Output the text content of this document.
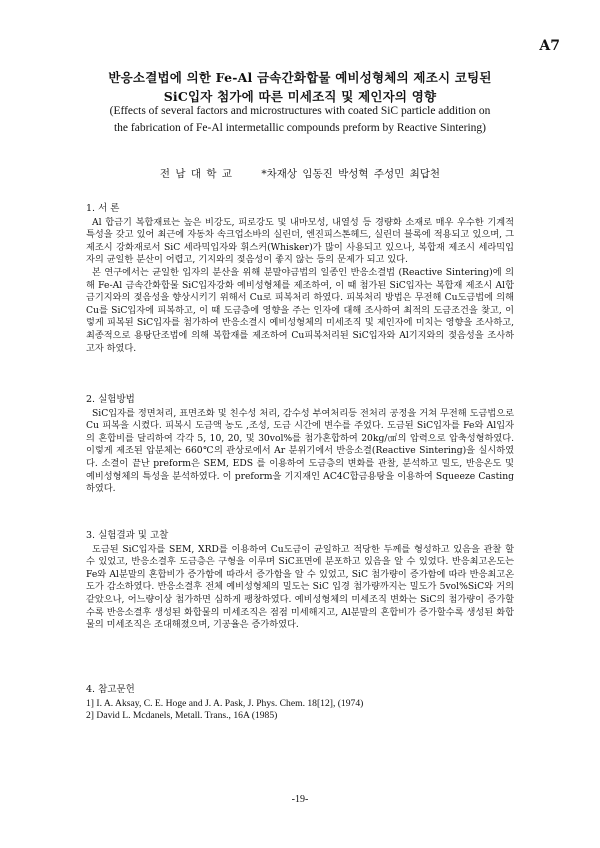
A7
반응소결법에 의한 Fe-Al 금속간화합물 예비성형체의 제조시 코팅된
SiC입자 첨가에 따른 미세조직 및 제인자의 영향
(Effects of several factors and microstructures with coated SiC particle addition on
the fabrication of Fe-Al intermetallic compounds preform by Reactive Sintering)
전 남 대 학 교	*차재상 임동진 박성혁 주성민 최답천

1. 서 론

Al 합금기 복합재료는 높은 비강도, 피로강도 및 내마모성, 내열성 등 경량화 소재로 매우 우수한 기계적 특성을 갖고 있어 최근에 자동차 속크업소바의 실린더, 엔진피스톤헤드, 실린더 블록에 적용되고 있으며, 그 제조시 강화재로서 SiC 세라믹입자와 휘스커(Whisker)가 많이 사용되고 있으나, 복합재 제조시 세라믹입자의 균일한 분산이 어렵고, 기지와의 젖음성이 좋지 않는 등의 문제가 되고 있다.

본 연구에서는 균일한 입자의 분산을 위해 분말야금법의 일종인 반응소결법 (Reactive Sintering)에 의해 Fe-Al 금속간화합물 SiC입자강화 예비성형체를 제조하여, 이 때 첨가된 SiC입자는 복합재 제조시 Al합금기지와의 젖음성을 향상시키기 위해서 Cu로 피복처리 하였다. 피복처리 방법은 무전해 Cu도금법에 의해 Cu를 SiC입자에 피복하고, 이 때 도금층에 영향을 주는 인자에 대해 조사하여 최적의 도금조건을 찾고, 이렇게 피복된 SiC입자를 첨가하여 반응소결시 예비성형체의 미세조직 및 제인자에 미치는 영향을 조사하고, 최종적으로 용탕단조법에 의해 복합재를 제조하여 Cu피복처리된 SiC입자와 Al기지와의 젖음성을 조사하고자 하였다.

2. 실험방법

SiC입자를 정면처리, 표면조화 및 친수성 처리, 감수성 부여처리등 전처리 공정을 거쳐 무전해 도금법으로 Cu 피복을 시켰다. 피복시 도금액 농도 ,조성, 도금 시간에 변수를 주었다. 도금된 SiC입자를 Fe와 Al입자의 혼합비를 달리하여 각각 5, 10, 20, 및 30vol%를 첨가혼합하여 20kg/㎠의 압력으로 압축성형하였다. 이렇게 제조된 압분체는 660℃의 관상로에서 Ar 분위기에서 반응소결(Reactive Sintering)을 실시하였다. 소결이 끝난 preform은 SEM, EDS 를 이용하여 도금층의 변화를 관찰, 분석하고 밀도, 반응온도 및 예비성형체의 특성을 분석하였다. 이 preform을 기지재인 AC4C합금용탕을 이용하여 Squeeze Casting하였다.

3. 실험결과 및 고찰

도금된 SiC입자를 SEM, XRD를 이용하여 Cu도금이 균일하고 적당한 두께를 형성하고 있음을 관찰 할 수 있었고, 반응소결후 도금층은 구형을 이루며 SiC표면에 분포하고 있음을 알 수 있었다. 반응최고온도는 Fe와 Al분말의 혼합비가 증가함에 따라서 증가함을 알 수 있었고, SiC 첨가량이 증가함에 따라 반응최고온도가 감소하였다. 반응소결후 전체 예비성형체의 밀도는 SiC 입경 첨가량까지는 밀도가 5vol%SiC와 거의 같았으나, 어느량이상 첨가하면 심하게 팽창하였다. 예비성형체의 미세조직 변화는 SiC의 첨가량이 증가할수록 반응소결후 생성된 화합물의 미세조직은 점점 미세해지고, Al분말의 혼합비가 증가할수록 생성된 화합물의 미세조직은 조대해졌으며, 기공율은 증가하였다.

4. 참고문헌

1] I. A. Aksay, C. E. Hoge and J. A. Pask, J. Phys. Chem. 18[12], (1974)

2] David L. Mcdanels, Metall. Trans., 16A (1985)

-19-
